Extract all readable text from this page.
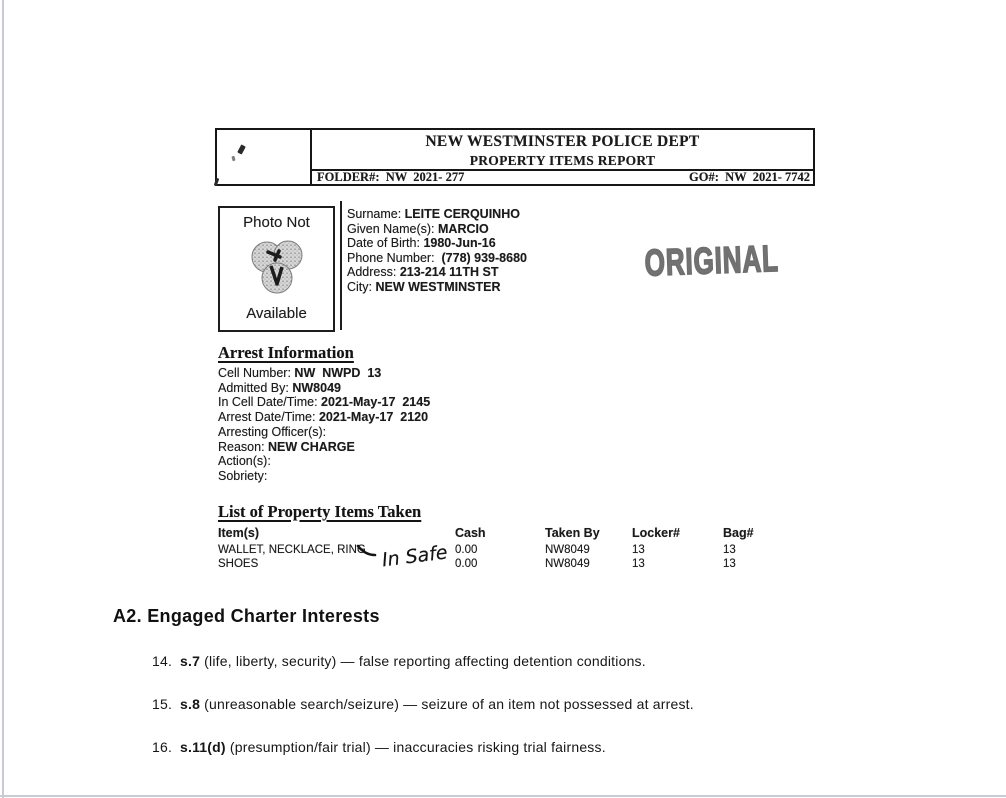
NEW WESTMINSTER POLICE DEPT
PROPERTY ITEMS REPORT
FOLDER#:  NW  2021- 277	GO#:  NW  2021- 7742
Photo Not
Available
Surname: LEITE CERQUINHO
Given Name(s): MARCIO
Date of Birth: 1980-Jun-16
Phone Number:  (778) 939-8680
Address: 213-214 11TH ST
City: NEW WESTMINSTER
ORIGINAL
Arrest Information
Cell Number: NW  NWPD  13
Admitted By: NW8049
In Cell Date/Time: 2021-May-17  2145
Arrest Date/Time: 2021-May-17  2120
Arresting Officer(s):
Reason: NEW CHARGE
Action(s):
Sobriety:
List of Property Items Taken
Item(s)
WALLET, NECKLACE, RING
SHOES
Cash
0.00
0.00
Taken By
NW8049
NW8049
Locker#
13
13
Bag#
13
13
In Safe
A2. Engaged Charter Interests
14. s.7 (life, liberty, security) — false reporting affecting detention conditions.
15. s.8 (unreasonable search/seizure) — seizure of an item not possessed at arrest.
16. s.11(d) (presumption/fair trial) — inaccuracies risking trial fairness.
